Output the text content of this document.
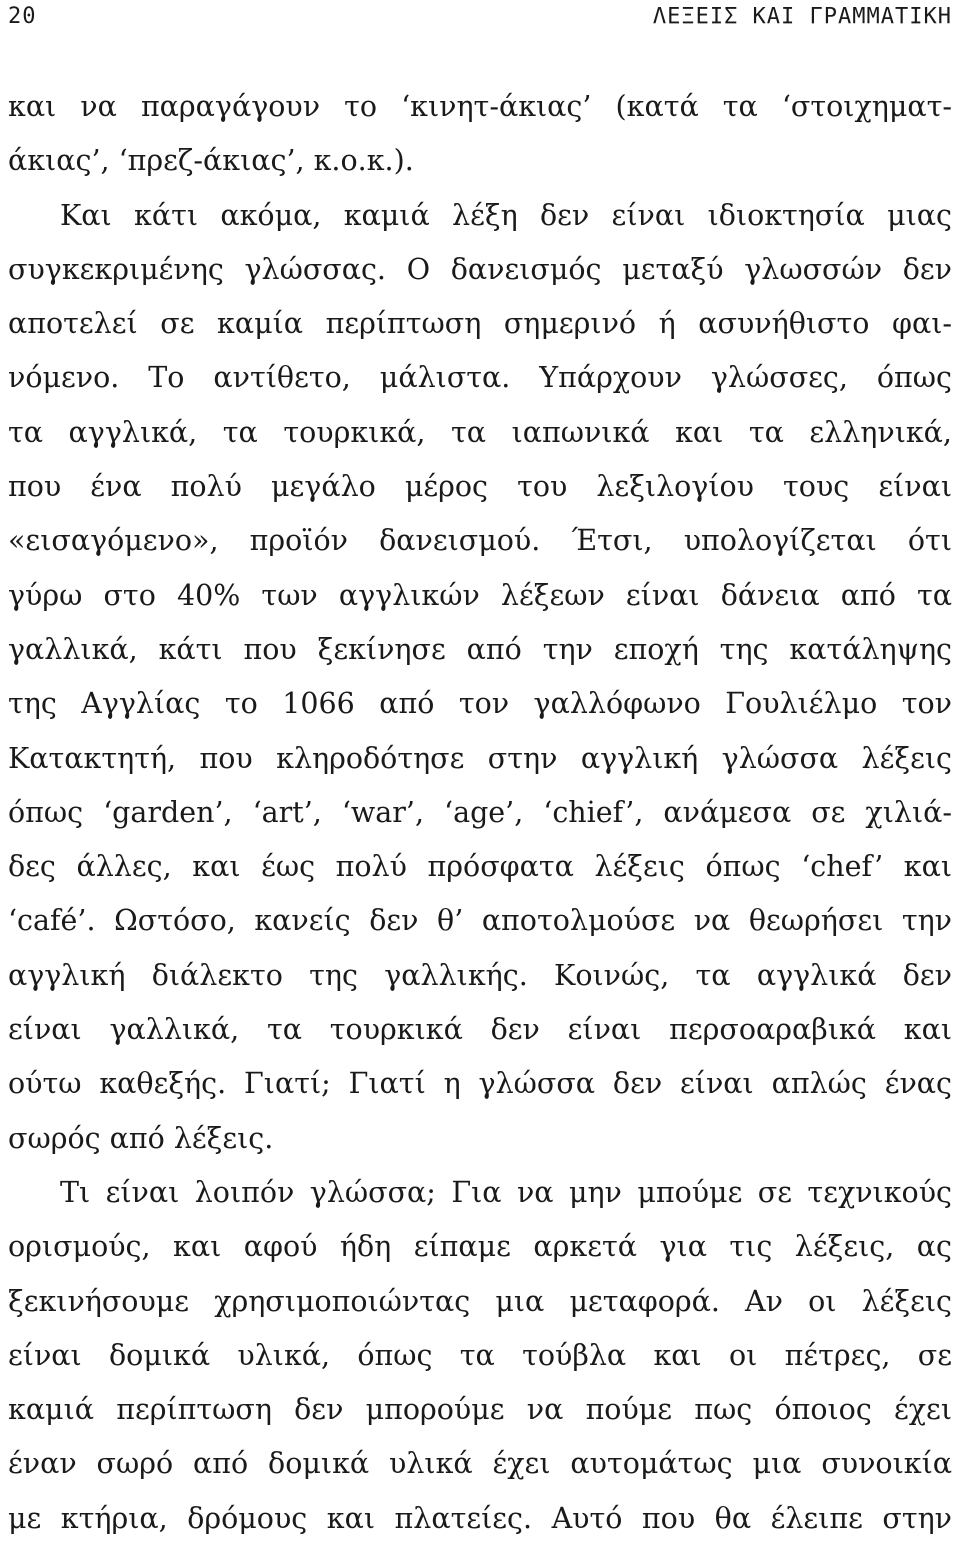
20	ΛΕΞΕΙΣ ΚΑΙ ΓΡΑΜΜΑΤΙΚΗ
και να παραγάγουν το ‘κινητ-άκιας’ (κατά τα ‘στοιχηματ-
άκιας’, ‘πρεζ-άκιας’, κ.ο.κ.).
Και κάτι ακόμα, καμιά λέξη δεν είναι ιδιοκτησία μιας
συγκεκριμένης γλώσσας. Ο δανεισμός μεταξύ γλωσσών δεν
αποτελεί σε καμία περίπτωση σημερινό ή ασυνήθιστο φαι-
νόμενο. Το αντίθετο, μάλιστα. Υπάρχουν γλώσσες, όπως
τα αγγλικά, τα τουρκικά, τα ιαπωνικά και τα ελληνικά,
που ένα πολύ μεγάλο μέρος του λεξιλογίου τους είναι
«εισαγόμενο», προϊόν δανεισμού. Έτσι, υπολογίζεται ότι
γύρω στο 40% των αγγλικών λέξεων είναι δάνεια από τα
γαλλικά, κάτι που ξεκίνησε από την εποχή της κατάληψης
της Αγγλίας το 1066 από τον γαλλόφωνο Γουλιέλμο τον
Κατακτητή, που κληροδότησε στην αγγλική γλώσσα λέξεις
όπως ‘garden’, ‘art’, ‘war’, ‘age’, ‘chief’, ανάμεσα σε χιλιά-
δες άλλες, και έως πολύ πρόσφατα λέξεις όπως ‘chef’ και
‘café’. Ωστόσο, κανείς δεν θ’ αποτολμούσε να θεωρήσει την
αγγλική διάλεκτο της γαλλικής. Κοινώς, τα αγγλικά δεν
είναι γαλλικά, τα τουρκικά δεν είναι περσοαραβικά και
ούτω καθεξής. Γιατί; Γιατί η γλώσσα δεν είναι απλώς ένας
σωρός από λέξεις.
Τι είναι λοιπόν γλώσσα; Για να μην μπούμε σε τεχνικούς
ορισμούς, και αφού ήδη είπαμε αρκετά για τις λέξεις, ας
ξεκινήσουμε χρησιμοποιώντας μια μεταφορά. Αν οι λέξεις
είναι δομικά υλικά, όπως τα τούβλα και οι πέτρες, σε
καμιά περίπτωση δεν μπορούμε να πούμε πως όποιος έχει
έναν σωρό από δομικά υλικά έχει αυτομάτως μια συνοικία
με κτήρια, δρόμους και πλατείες. Αυτό που θα έλειπε στην
